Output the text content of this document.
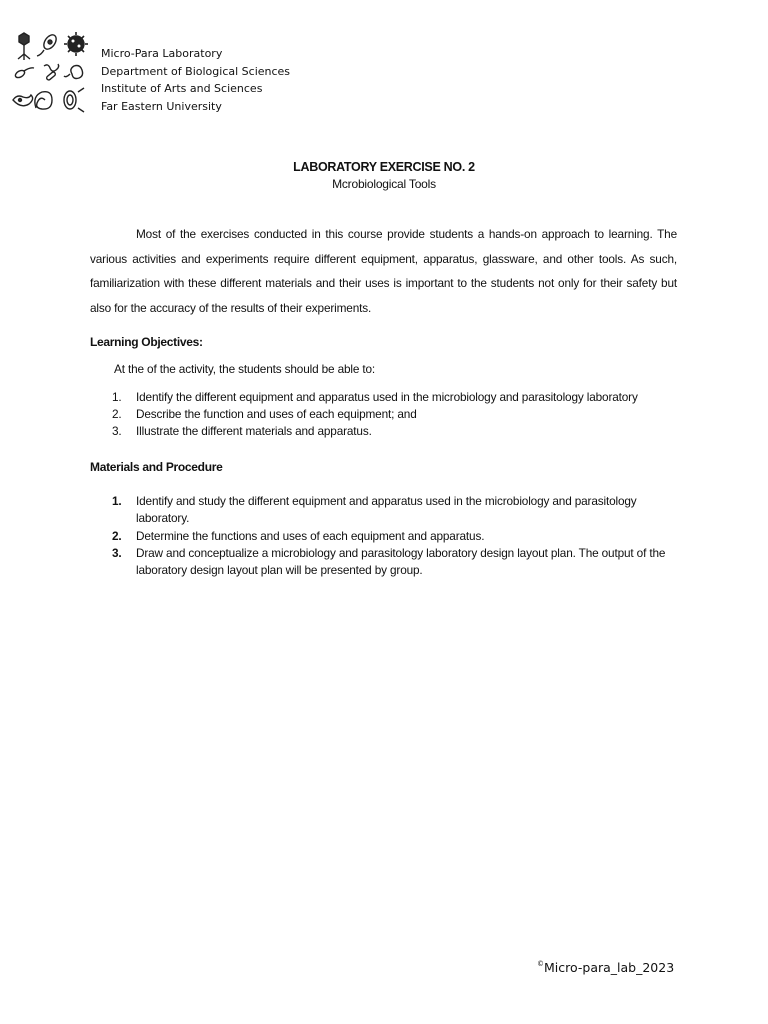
Micro-Para Laboratory
Department of Biological Sciences
Institute of Arts and Sciences
Far Eastern University
LABORATORY EXERCISE NO. 2
Mcrobiological Tools
Most of the exercises conducted in this course provide students a hands-on approach to learning. The various activities and experiments require different equipment, apparatus, glassware, and other tools. As such, familiarization with these different materials and their uses is important to the students not only for their safety but also for the accuracy of the results of their experiments.
Learning Objectives:
At the of the activity, the students should be able to:
1. Identify the different equipment and apparatus used in the microbiology and parasitology laboratory
2. Describe the function and uses of each equipment; and
3. Illustrate the different materials and apparatus.
Materials and Procedure
1. Identify and study the different equipment and apparatus used in the microbiology and parasitology laboratory.
2. Determine the functions and uses of each equipment and apparatus.
3. Draw and conceptualize a microbiology and parasitology laboratory design layout plan. The output of the laboratory design layout plan will be presented by group.
©Micro-para_lab_2023
